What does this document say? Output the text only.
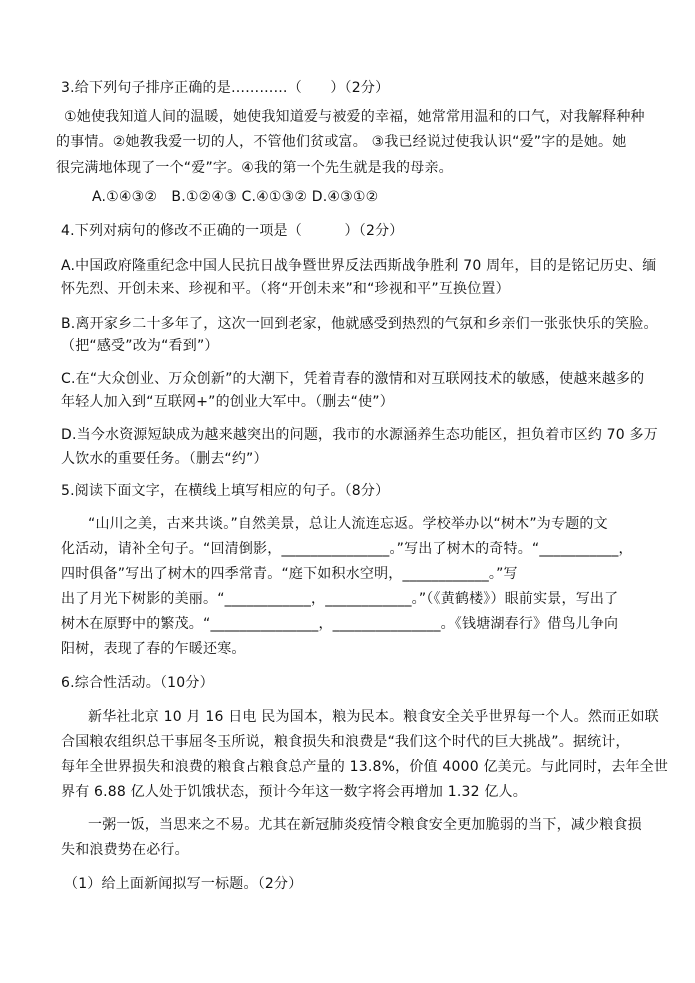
3.给下列句子排序正确的是…………（　　）（2分）
①她使我知道人间的温暖，她使我知道爱与被爱的幸福，她常常用温和的口气，对我解释种种
的事情。②她教我爱一切的人，不管他们贫或富。 ③我已经说过使我认识“爱”字的是她。她
很完满地体现了一个“爱”字。④我的第一个先生就是我的母亲。
A.①④③②　B.①②④③ C.④①③② D.④③①②
4.下列对病句的修改不正确的一项是（　　　）（2分）
A.中国政府隆重纪念中国人民抗日战争暨世界反法西斯战争胜利 70 周年，目的是铭记历史、缅
怀先烈、开创未来、珍视和平。（将“开创未来”和“珍视和平”互换位置）
B.离开家乡二十多年了，这次一回到老家，他就感受到热烈的气氛和乡亲们一张张快乐的笑脸。
（把“感受”改为“看到”）
C.在“大众创业、万众创新”的大潮下，凭着青春的激情和对互联网技术的敏感，使越来越多的
年轻人加入到“互联网+”的创业大军中。（删去“使”）
D.当今水资源短缺成为越来越突出的问题，我市的水源涵养生态功能区，担负着市区约 70 多万
人饮水的重要任务。（删去“约”）
5.阅读下面文字，在横线上填写相应的句子。（8分）
“山川之美，古来共谈。”自然美景，总让人流连忘返。学校举办以“树木”为专题的文
化活动，请补全句子。“回清倒影，_______________。”写出了树木的奇特。“___________，
四时俱备”写出了树木的四季常青。“庭下如积水空明，____________。”写
出了月光下树影的美丽。“____________，____________。”（《黄鹤楼》）眼前实景，写出了
树木在原野中的繁茂。“_______________，_______________。《钱塘湖春行》借鸟儿争向
阳树，表现了春的乍暖还寒。
6.综合性活动。（10分）
新华社北京 10 月 16 日电 民为国本，粮为民本。粮食安全关乎世界每一个人。然而正如联
合国粮农组织总干事屈冬玉所说，粮食损失和浪费是“我们这个时代的巨大挑战”。据统计，
每年全世界损失和浪费的粮食占粮食总产量的 13.8%，价值 4000 亿美元。与此同时，去年全世
界有 6.88 亿人处于饥饿状态，预计今年这一数字将会再增加 1.32 亿人。
一粥一饭，当思来之不易。尤其在新冠肺炎疫情令粮食安全更加脆弱的当下，减少粮食损
失和浪费势在必行。
（1）给上面新闻拟写一标题。（2分）
